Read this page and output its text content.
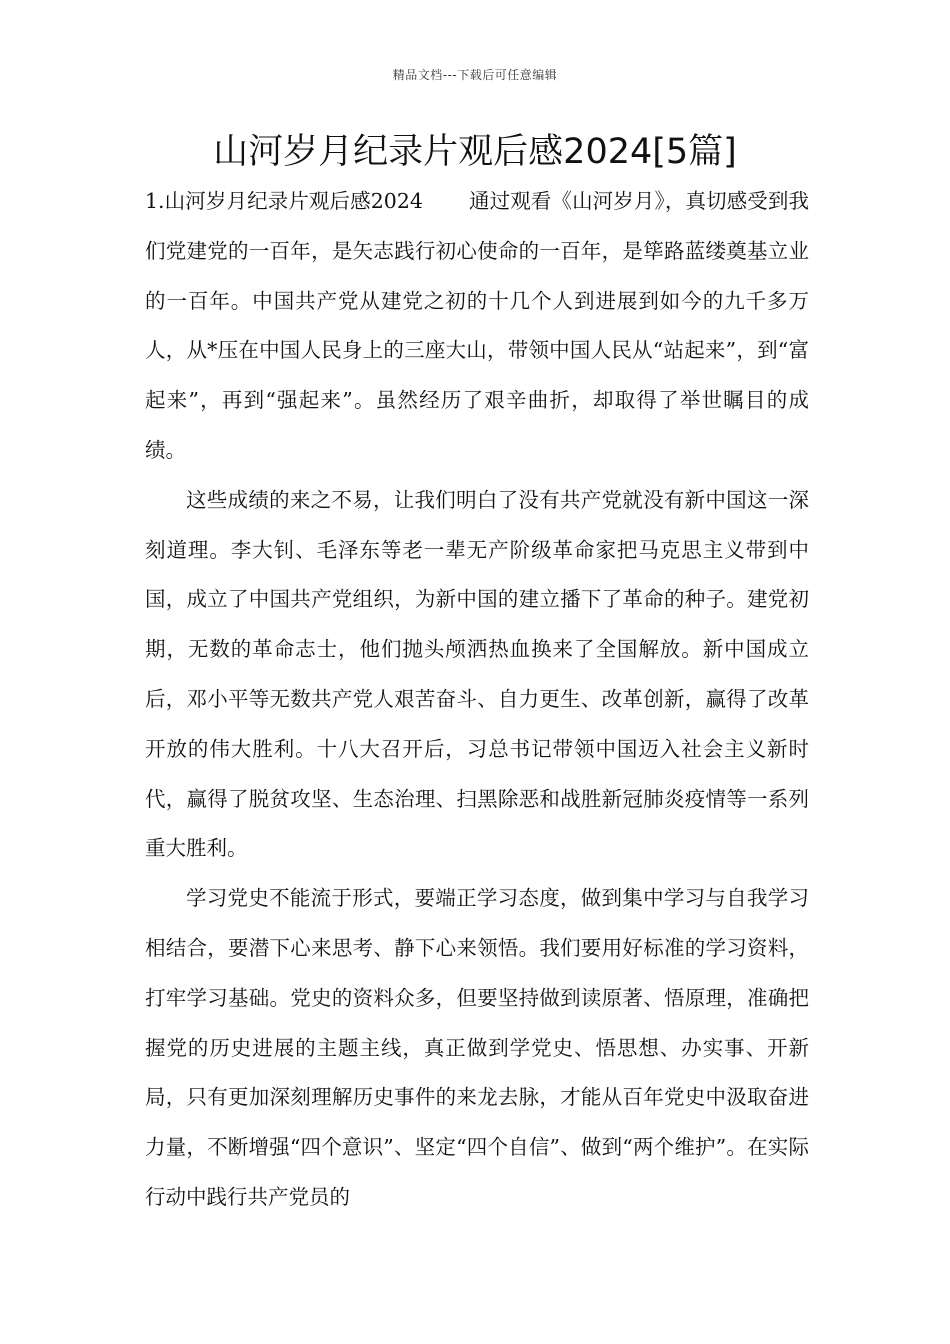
精品文档---下载后可任意编辑
山河岁月纪录片观后感2024[5篇]

1.山河岁月纪录片观后感2024 通过观看《山河岁月》，真切感受到我们党建党的一百年，是矢志践行初心使命的一百年，是筚路蓝缕奠基立业的一百年。中国共产党从建党之初的十几个人到进展到如今的九千多万人，从*压在中国人民身上的三座大山，带领中国人民从“站起来”，到“富起来”，再到“强起来”。虽然经历了艰辛曲折，却取得了举世瞩目的成绩。

这些成绩的来之不易，让我们明白了没有共产党就没有新中国这一深刻道理。李大钊、毛泽东等老一辈无产阶级革命家把马克思主义带到中国，成立了中国共产党组织，为新中国的建立播下了革命的种子。建党初期，无数的革命志士，他们抛头颅洒热血换来了全国解放。新中国成立后，邓小平等无数共产党人艰苦奋斗、自力更生、改革创新，赢得了改革开放的伟大胜利。十八大召开后，习总书记带领中国迈入社会主义新时代，赢得了脱贫攻坚、生态治理、扫黑除恶和战胜新冠肺炎疫情等一系列重大胜利。

学习党史不能流于形式，要端正学习态度，做到集中学习与自我学习相结合，要潜下心来思考、静下心来领悟。我们要用好标准的学习资料，打牢学习基础。党史的资料众多，但要坚持做到读原著、悟原理，准确把握党的历史进展的主题主线，真正做到学党史、悟思想、办实事、开新局，只有更加深刻理解历史事件的来龙去脉，才能从百年党史中汲取奋进力量，不断增强“四个意识”、坚定“四个自信”、做到“两个维护”。在实际行动中践行共产党员的
